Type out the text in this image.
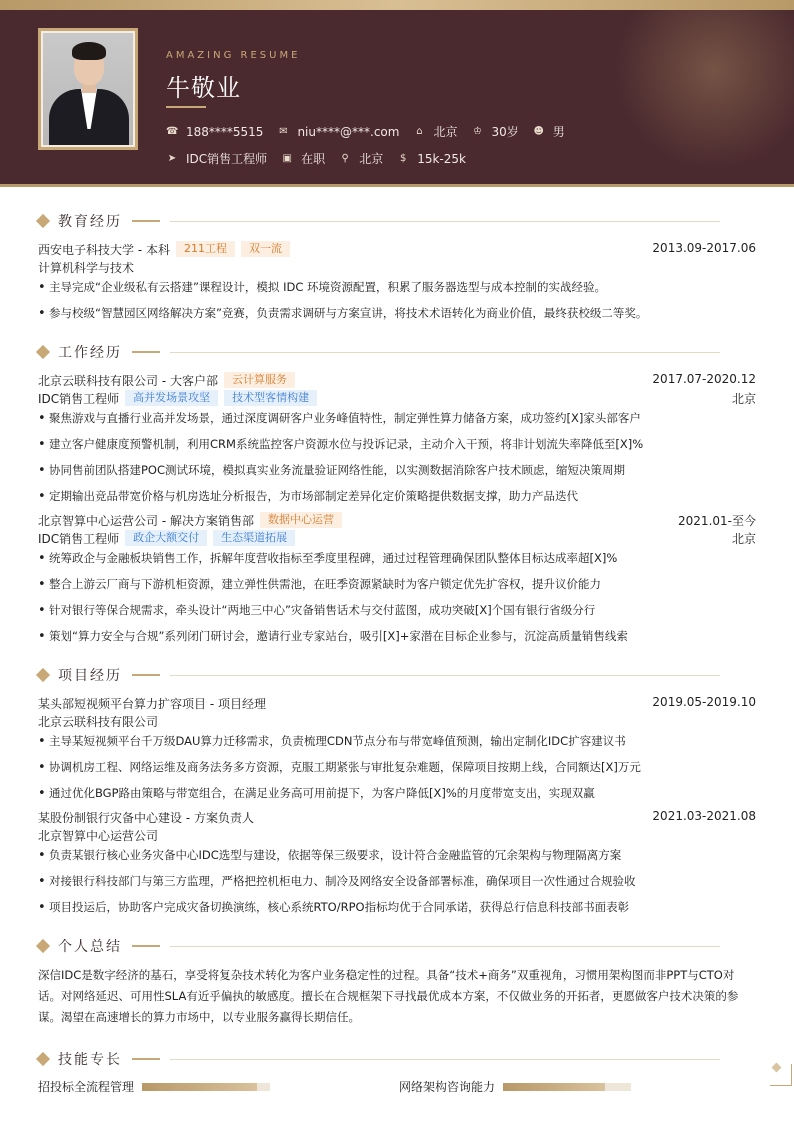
AMAZING RESUME
牛敬业
☎ 188****5515 ✉ niu****@***.com ⌂ 北京 ♔ 30岁 ☻ 男
➤ IDC销售工程师 ▣ 在职 ⚲ 北京 $ 15k-25k
教育经历
西安电子科技大学 - 本科	211工程	双一流	2013.09-2017.06
计算机科学与技术
• 主导完成“企业级私有云搭建”课程设计，模拟 IDC 环境资源配置，积累了服务器选型与成本控制的实战经验。
• 参与校级“智慧园区网络解决方案”竞赛，负责需求调研与方案宣讲，将技术术语转化为商业价值，最终获校级二等奖。
工作经历
北京云联科技有限公司 - 大客户部	云计算服务	2017.07-2020.12
IDC销售工程师	高并发场景攻坚	技术型客情构建	北京
• 聚焦游戏与直播行业高并发场景，通过深度调研客户业务峰值特性，制定弹性算力储备方案，成功签约[X]家头部客户
• 建立客户健康度预警机制，利用CRM系统监控客户资源水位与投诉记录，主动介入干预，将非计划流失率降低至[X]%
• 协同售前团队搭建POC测试环境，模拟真实业务流量验证网络性能，以实测数据消除客户技术顾虑，缩短决策周期
• 定期输出竞品带宽价格与机房选址分析报告，为市场部制定差异化定价策略提供数据支撑，助力产品迭代
北京智算中心运营公司 - 解决方案销售部	数据中心运营	2021.01-至今
IDC销售工程师	政企大额交付	生态渠道拓展	北京
• 统筹政企与金融板块销售工作，拆解年度营收指标至季度里程碑，通过过程管理确保团队整体目标达成率超[X]%
• 整合上游云厂商与下游机柜资源，建立弹性供需池，在旺季资源紧缺时为客户锁定优先扩容权，提升议价能力
• 针对银行等保合规需求，牵头设计“两地三中心”灾备销售话术与交付蓝图，成功突破[X]个国有银行省级分行
• 策划“算力安全与合规”系列闭门研讨会，邀请行业专家站台，吸引[X]+家潜在目标企业参与，沉淀高质量销售线索
项目经历
某头部短视频平台算力扩容项目 - 项目经理	2019.05-2019.10
北京云联科技有限公司
• 主导某短视频平台千万级DAU算力迁移需求，负责梳理CDN节点分布与带宽峰值预测，输出定制化IDC扩容建议书
• 协调机房工程、网络运维及商务法务多方资源，克服工期紧张与审批复杂难题，保障项目按期上线，合同额达[X]万元
• 通过优化BGP路由策略与带宽组合，在满足业务高可用前提下，为客户降低[X]%的月度带宽支出，实现双赢
某股份制银行灾备中心建设 - 方案负责人	2021.03-2021.08
北京智算中心运营公司
• 负责某银行核心业务灾备中心IDC选型与建设，依据等保三级要求，设计符合金融监管的冗余架构与物理隔离方案
• 对接银行科技部门与第三方监理，严格把控机柜电力、制冷及网络安全设备部署标准，确保项目一次性通过合规验收
• 项目投运后，协助客户完成灾备切换演练，核心系统RTO/RPO指标均优于合同承诺，获得总行信息科技部书面表彰
个人总结
深信IDC是数字经济的基石，享受将复杂技术转化为客户业务稳定性的过程。具备“技术+商务”双重视角，习惯用架构图而非PPT与CTO对话。对网络延迟、可用性SLA有近乎偏执的敏感度。擅长在合规框架下寻找最优成本方案，不仅做业务的开拓者，更愿做客户技术决策的参谋。渴望在高速增长的算力市场中，以专业服务赢得长期信任。
技能专长
招投标全流程管理	网络架构咨询能力
